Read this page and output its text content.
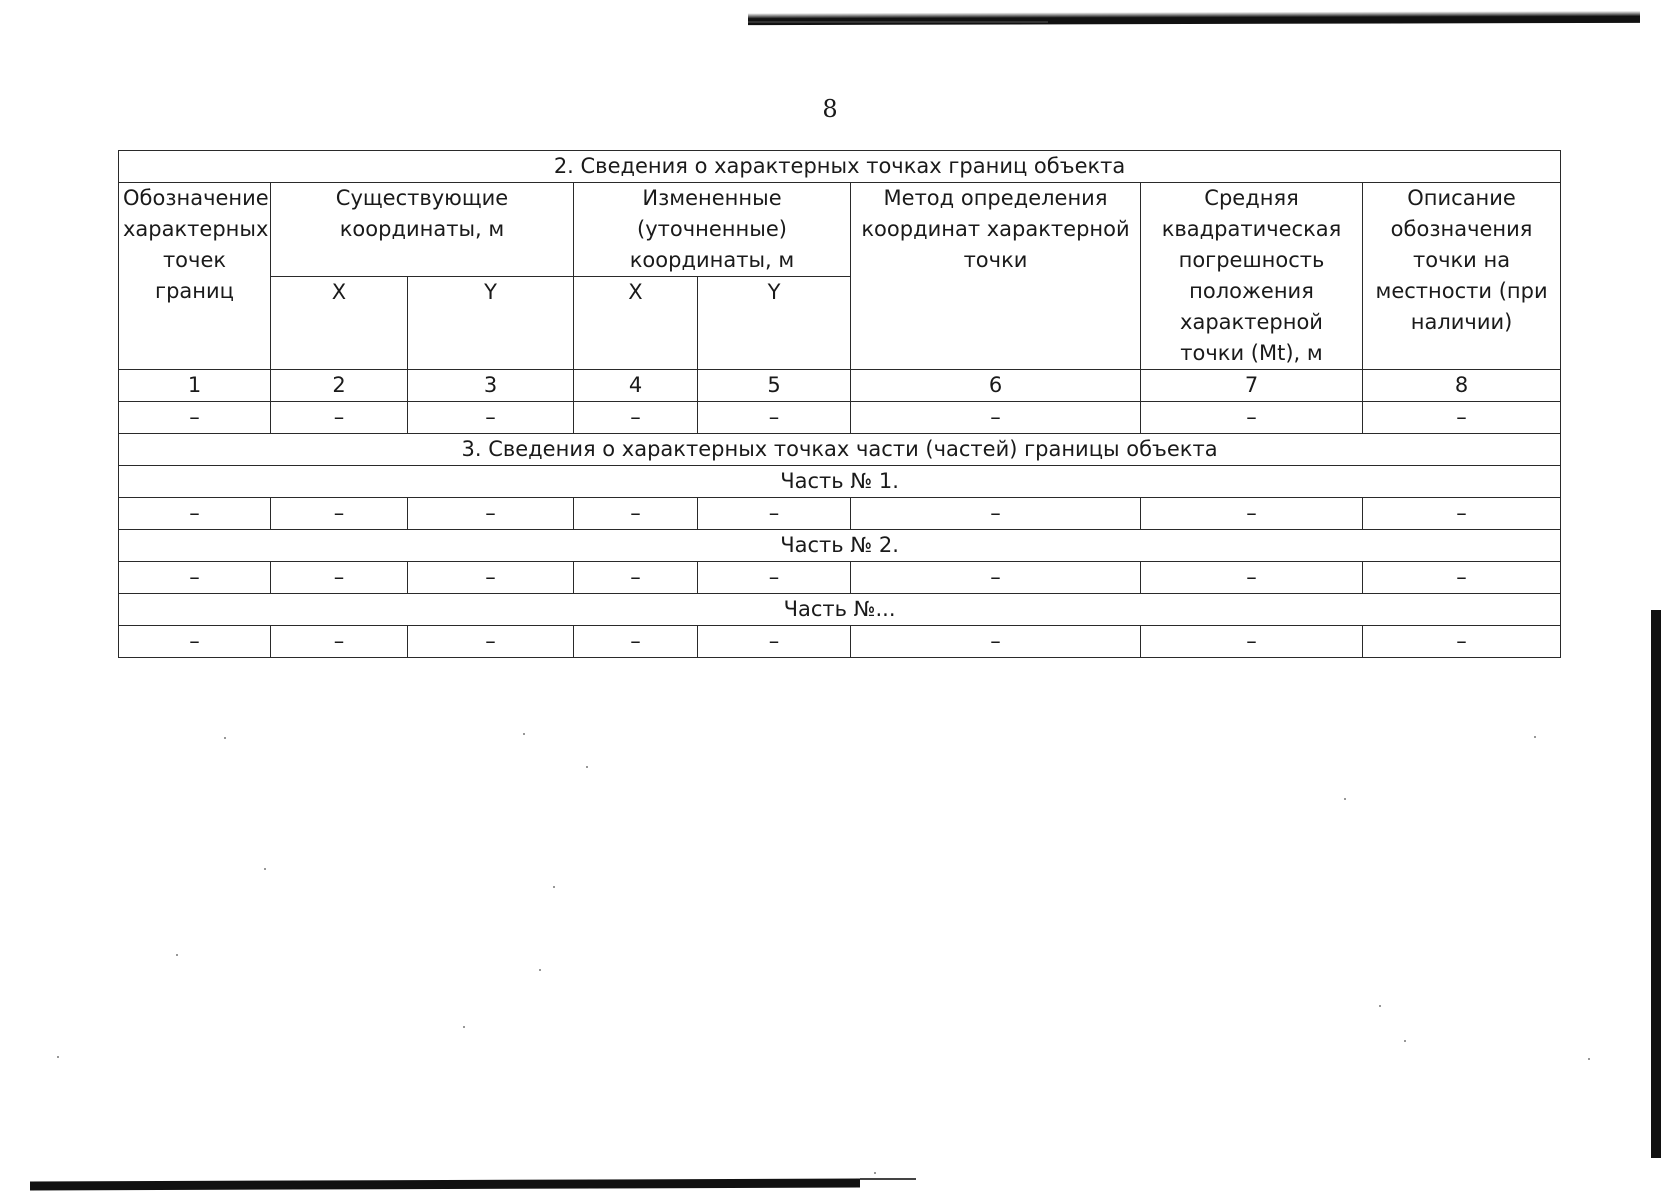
8
2. Сведения о характерных точках границ объекта							
Обозначение характерных точек границ	Существующие координаты, м		Измененные (уточненные) координаты, м		Метод определения координат характерной точки	Средняя квадратическая погрешность положения характерной точки (Mt), м	Описание обозначения точки на местности (при наличии)
	X	Y	X	Y			
1	2	3	4	5	6	7	8
–	–	–	–	–	–	–	–
3. Сведения о характерных точках части (частей) границы объекта							
Часть № 1.							
–	–	–	–	–	–	–	–
Часть № 2.							
–	–	–	–	–	–	–	–
Часть №...							
–	–	–	–	–	–	–	–
